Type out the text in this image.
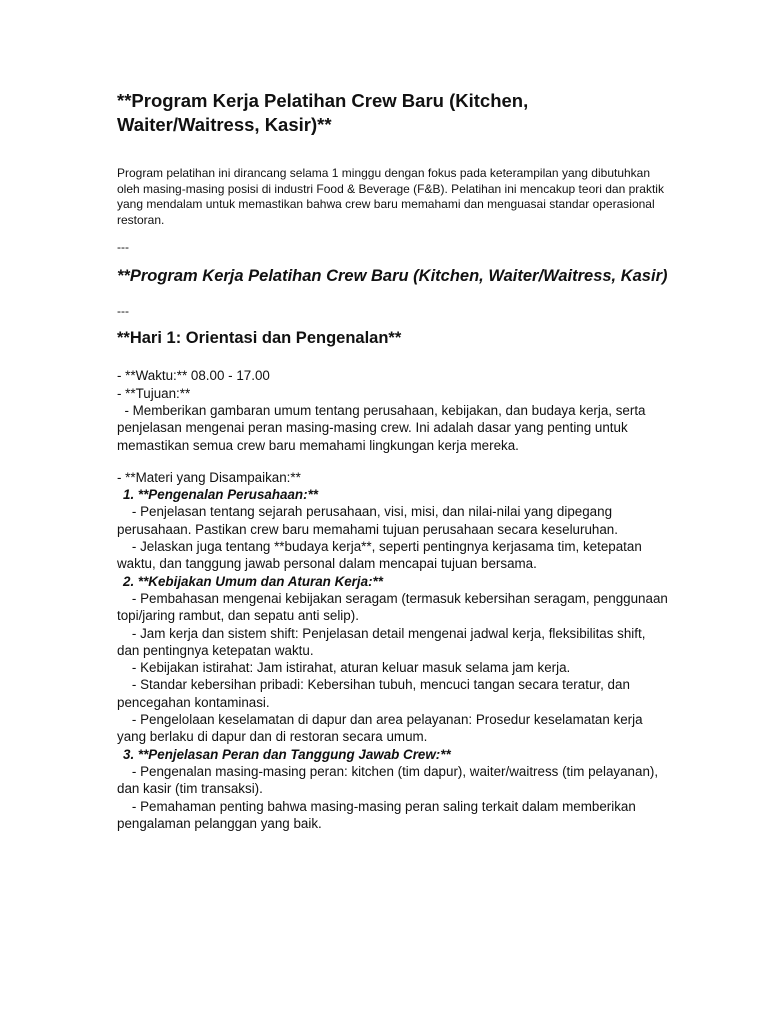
**Program Kerja Pelatihan Crew Baru (Kitchen, Waiter/Waitress, Kasir)**

Program pelatihan ini dirancang selama 1 minggu dengan fokus pada keterampilan yang dibutuhkan oleh masing-masing posisi di industri Food & Beverage (F&B). Pelatihan ini mencakup teori dan praktik yang mendalam untuk memastikan bahwa crew baru memahami dan menguasai standar operasional restoran.

---

**Program Kerja Pelatihan Crew Baru (Kitchen, Waiter/Waitress, Kasir)

---

**Hari 1: Orientasi dan Pengenalan**

- **Waktu:** 08.00 - 17.00

- **Tujuan:**

- Memberikan gambaran umum tentang perusahaan, kebijakan, dan budaya kerja, serta penjelasan mengenai peran masing-masing crew. Ini adalah dasar yang penting untuk memastikan semua crew baru memahami lingkungan kerja mereka.

- **Materi yang Disampaikan:**

1. **Pengenalan Perusahaan:**

- Penjelasan tentang sejarah perusahaan, visi, misi, dan nilai-nilai yang dipegang perusahaan. Pastikan crew baru memahami tujuan perusahaan secara keseluruhan.

- Jelaskan juga tentang **budaya kerja**, seperti pentingnya kerjasama tim, ketepatan waktu, dan tanggung jawab personal dalam mencapai tujuan bersama.

2. **Kebijakan Umum dan Aturan Kerja:**

- Pembahasan mengenai kebijakan seragam (termasuk kebersihan seragam, penggunaan topi/jaring rambut, dan sepatu anti selip).

- Jam kerja dan sistem shift: Penjelasan detail mengenai jadwal kerja, fleksibilitas shift, dan pentingnya ketepatan waktu.

- Kebijakan istirahat: Jam istirahat, aturan keluar masuk selama jam kerja.

- Standar kebersihan pribadi: Kebersihan tubuh, mencuci tangan secara teratur, dan pencegahan kontaminasi.

- Pengelolaan keselamatan di dapur dan area pelayanan: Prosedur keselamatan kerja yang berlaku di dapur dan di restoran secara umum.

3. **Penjelasan Peran dan Tanggung Jawab Crew:**

- Pengenalan masing-masing peran: kitchen (tim dapur), waiter/waitress (tim pelayanan), dan kasir (tim transaksi).

- Pemahaman penting bahwa masing-masing peran saling terkait dalam memberikan pengalaman pelanggan yang baik.
